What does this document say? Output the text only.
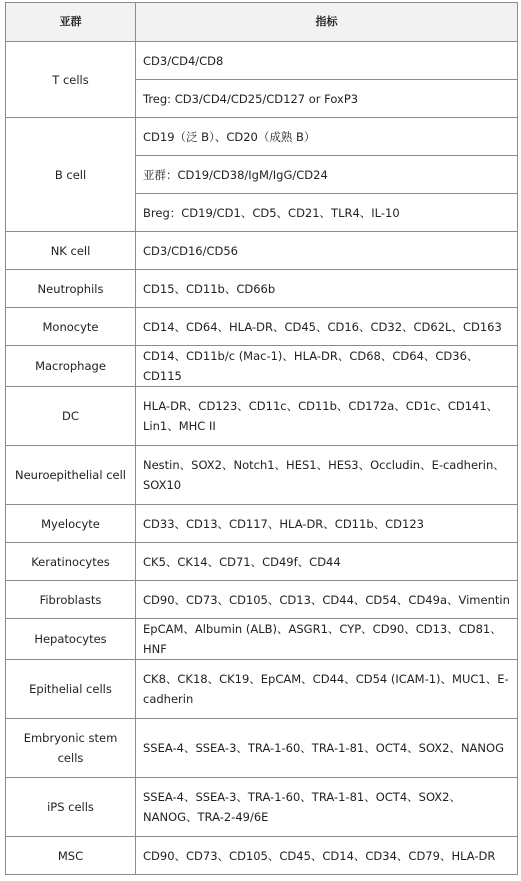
亚群	指标
T cells	CD3/CD4/CD8
	Treg: CD3/CD4/CD25/CD127 or FoxP3
B cell	CD19（泛 B）、CD20（成熟 B）
	亚群：CD19/CD38/IgM/IgG/CD24
	Breg：CD19/CD1、CD5、CD21、TLR4、IL-10
NK cell	CD3/CD16/CD56
Neutrophils	CD15、CD11b、CD66b
Monocyte	CD14、CD64、HLA-DR、CD45、CD16、CD32、CD62L、CD163
Macrophage	CD14、CD11b/c (Mac-1)、HLA-DR、CD68、CD64、CD36、CD115
DC	HLA-DR、CD123、CD11c、CD11b、CD172a、CD1c、CD141、Lin1、MHC II
Neuroepithelial cell	Nestin、SOX2、Notch1、HES1、HES3、Occludin、E-cadherin、SOX10
Myelocyte	CD33、CD13、CD117、HLA-DR、CD11b、CD123
Keratinocytes	CK5、CK14、CD71、CD49f、CD44
Fibroblasts	CD90、CD73、CD105、CD13、CD44、CD54、CD49a、Vimentin
Hepatocytes	EpCAM、Albumin (ALB)、ASGR1、CYP、CD90、CD13、CD81、HNF
Epithelial cells	CK8、CK18、CK19、EpCAM、CD44、CD54 (ICAM-1)、MUC1、E-cadherin
Embryonic stem cells	SSEA-4、SSEA-3、TRA-1-60、TRA-1-81、OCT4、SOX2、NANOG
iPS cells	SSEA-4、SSEA-3、TRA-1-60、TRA-1-81、OCT4、SOX2、NANOG、TRA-2-49/6E
MSC	CD90、CD73、CD105、CD45、CD14、CD34、CD79、HLA-DR
